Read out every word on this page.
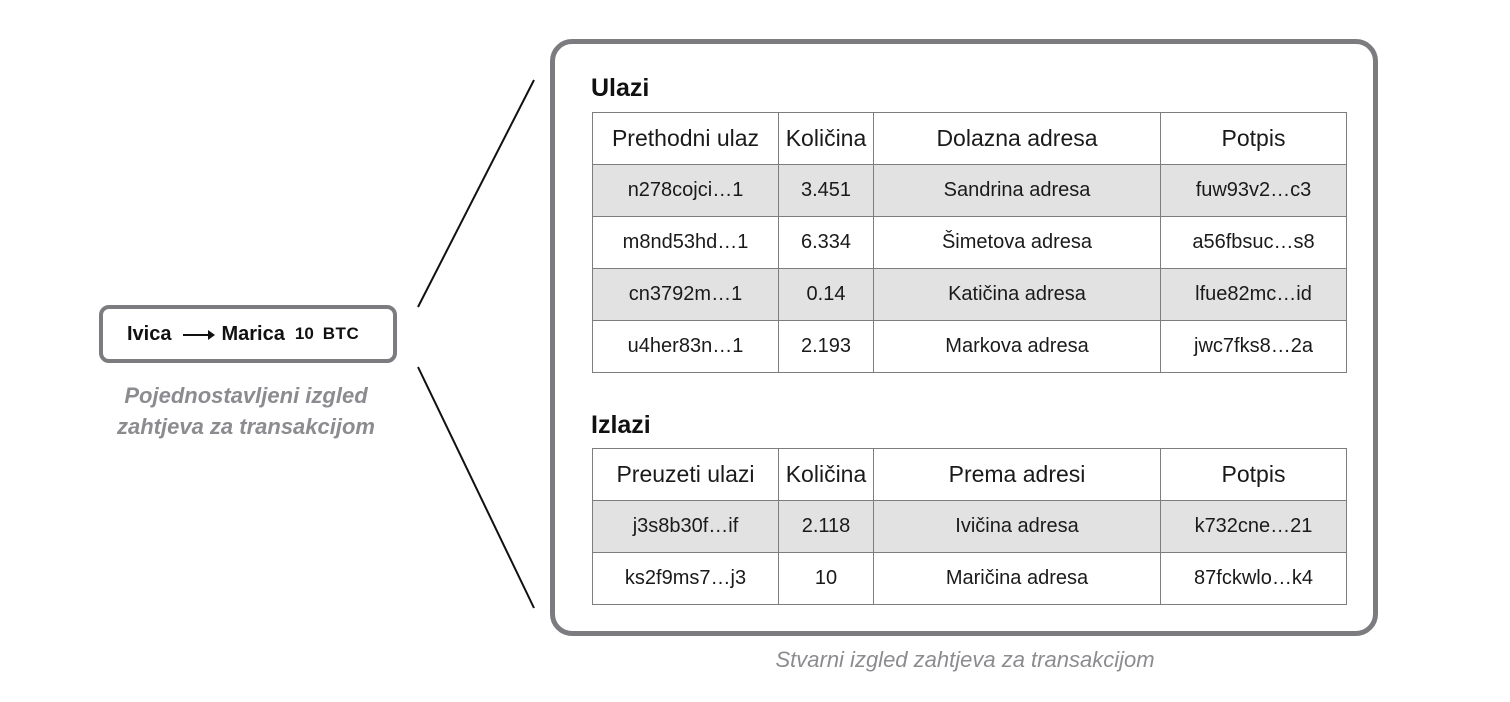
Ivica	Marica 10 BTC
Pojednostavljeni izgled
zahtjeva za transakcijom
Ulazi
Prethodni ulaz	Količina	Dolazna adresa	Potpis
n278cojci…1	3.451	Sandrina adresa	fuw93v2…c3
m8nd53hd…1	6.334	Šimetova adresa	a56fbsuc…s8
cn3792m…1	0.14	Katičina adresa	lfue82mc…id
u4her83n…1	2.193	Markova adresa	jwc7fks8…2a
Izlazi
Preuzeti ulazi	Količina	Prema adresi	Potpis
j3s8b30f…if	2.118	Ivičina adresa	k732cne…21
ks2f9ms7…j3	10	Maričina adresa	87fckwlo…k4
Stvarni izgled zahtjeva za transakcijom
